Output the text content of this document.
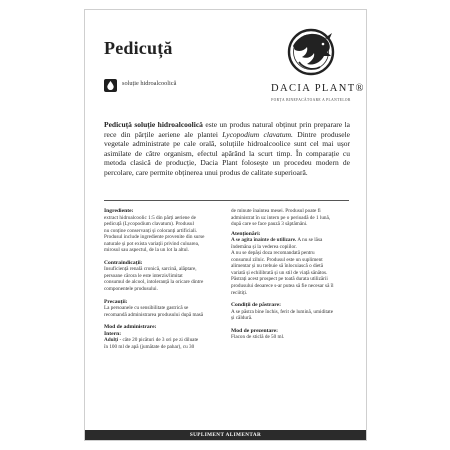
Pedicuță
soluție hidroalcoolică	DACIA PLANT®
FORȚA BINEFACĂTOARE A PLANTELOR
Pedicuță soluție hidroalcoolică este un produs natural obținut prin preparare la rece din părțile aeriene ale plantei Lycopodium clavatum. Dintre produsele vegetale administrate pe cale orală, soluțiile hidroalcoolice sunt cel mai ușor asimilate de către organism, efectul apărând la scurt timp. În comparație cu metoda clasică de producție, Dacia Plant folosește un procedeu modern de percolare, care permite obținerea unui produs de calitate superioară.
Ingrediente:
extract hidroalcoolic 1:5 din părți aeriene de
pedicuță (Lycopodium clavatum). Produsul
nu conține conservanți și coloranți artificiali.
Produsul include ingrediente provenite din surse
naturale și pot exista variații privind culoarea,
mirosul sau aspectul, de la un lot la altul.
Contraindicații:
Insuficiență renală cronică, sarcină, alăptare,
persoane cărora le este interzis/limitat
consumul de alcool, intoleranță la oricare dintre
componentele produsului.
Precauții:
La persoanele cu sensibilitate gastrică se
recomandă administrarea produsului după masă
Mod de administrare:
Intern:
Adulți - câte 20 picături de 3 ori pe zi diluate
în 100 ml de apă (jumătate de pahar), cu 30
de minute înaintea mesei. Produsul poate fi
administrat în uz intern pe o perioadă de 1 lună,
după care se face pauză 3 săptămâni.
Atenționări:
A se agita înainte de utilizare. A nu se lăsa
îndemâna și la vederea copiilor.
A nu se depăși doza recomandată pentru
consumul zilnic. Produsul este un supliment
alimentar și nu trebuie să înlocuiască o dietă
variată și echilibrată și un stil de viață sănătos.
Păstrați acest prospect pe toată durata utilizării
produsului deoarece s-ar putea să fie necesar să îl
reciitiți.
Condiții de păstrare:
A se păstra bine închis, ferit de lumină, umiditate
și căldură.
Mod de prezentare:
Flacon de sticlă de 50 ml.
SUPLIMENT ALIMENTAR
